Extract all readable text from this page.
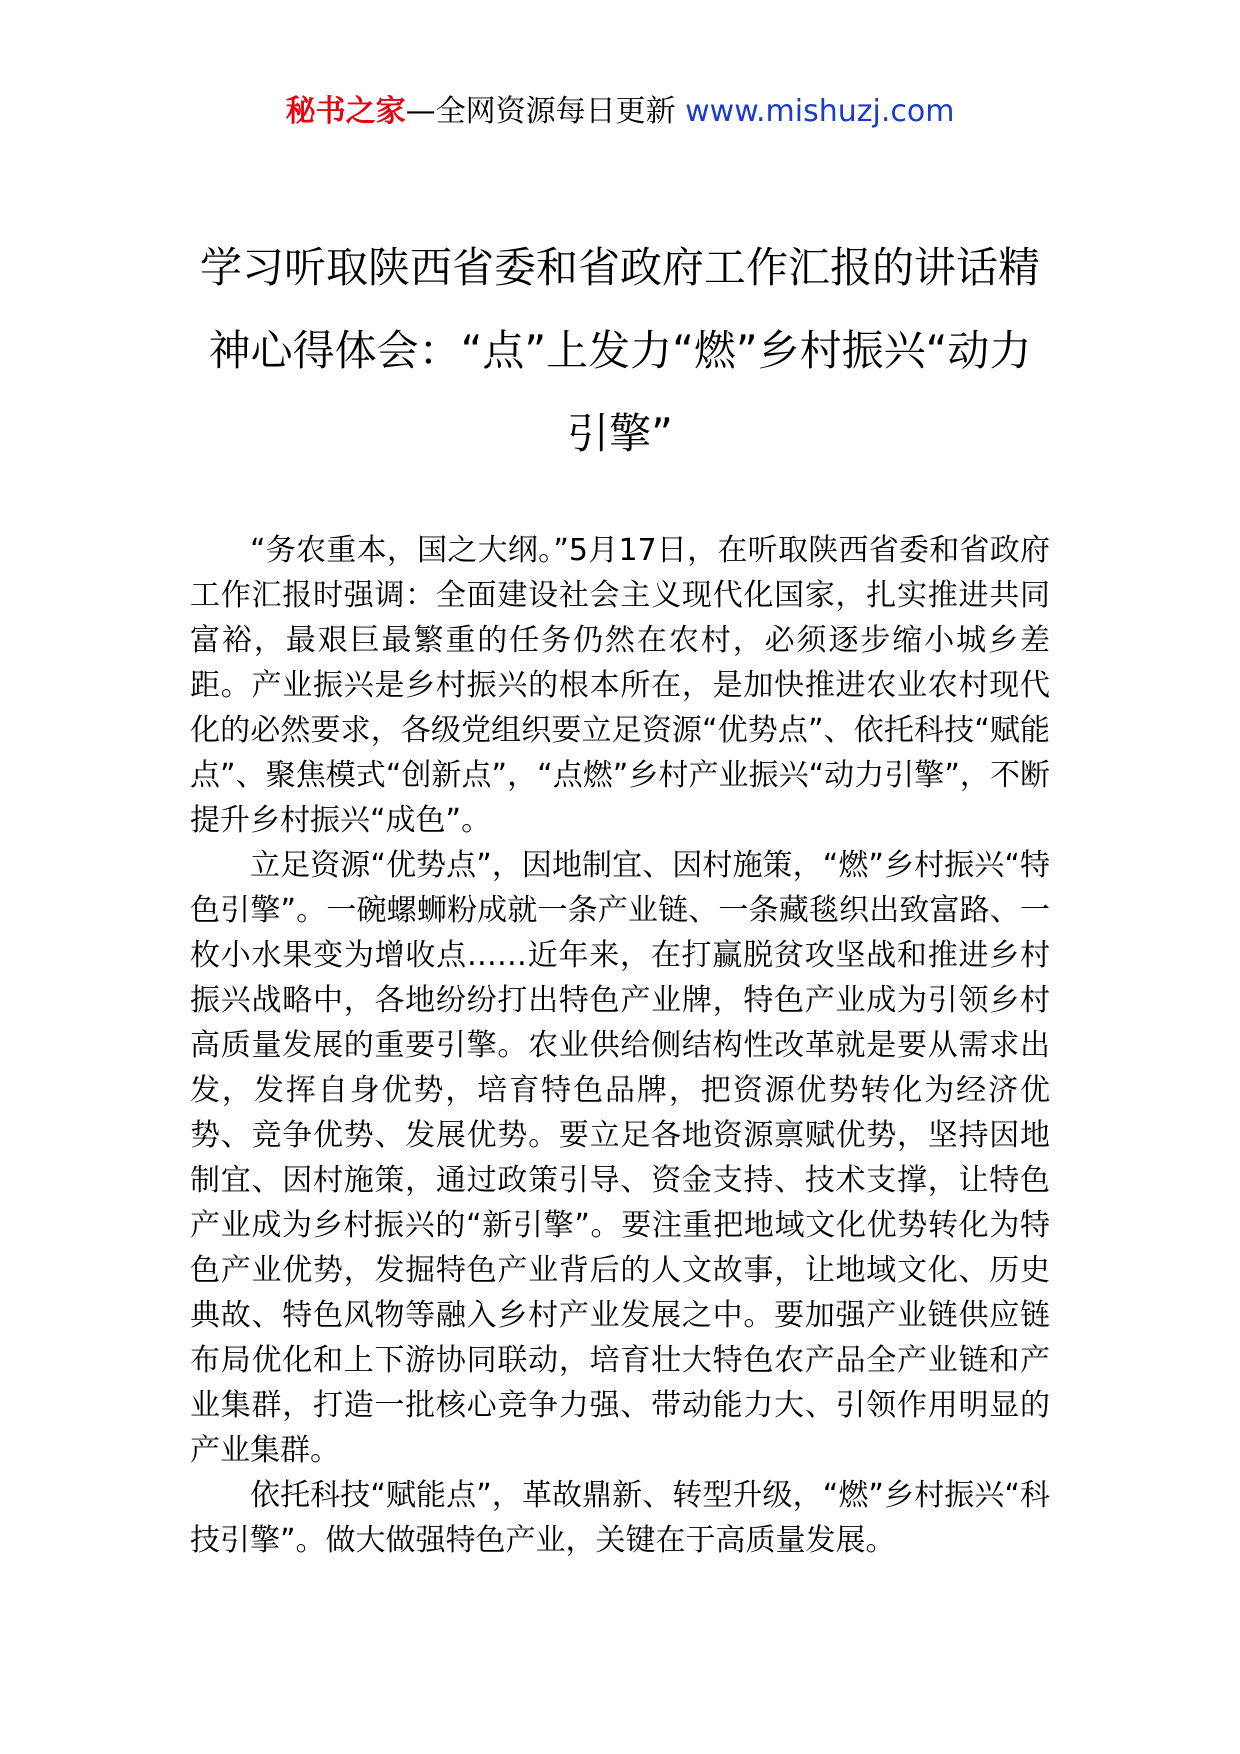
秘书之家—全网资源每日更新 www.mishuzj.com
学习听取陕西省委和省政府工作汇报的讲话精神心得体会：“点”上发力“燃”乡村振兴“动力引擎”

“务农重本，国之大纲。”5月17日，在听取陕西省委和省政府工作汇报时强调：全面建设社会主义现代化国家，扎实推进共同富裕，最艰巨最繁重的任务仍然在农村，必须逐步缩小城乡差距。产业振兴是乡村振兴的根本所在，是加快推进农业农村现代化的必然要求，各级党组织要立足资源“优势点”、依托科技“赋能点”、聚焦模式“创新点”，“点燃”乡村产业振兴“动力引擎”，不断提升乡村振兴“成色”。

立足资源“优势点”，因地制宜、因村施策，“燃”乡村振兴“特色引擎”。一碗螺蛳粉成就一条产业链、一条藏毯织出致富路、一枚小水果变为增收点……近年来，在打赢脱贫攻坚战和推进乡村振兴战略中，各地纷纷打出特色产业牌，特色产业成为引领乡村高质量发展的重要引擎。农业供给侧结构性改革就是要从需求出发，发挥自身优势，培育特色品牌，把资源优势转化为经济优势、竞争优势、发展优势。要立足各地资源禀赋优势，坚持因地制宜、因村施策，通过政策引导、资金支持、技术支撑，让特色产业成为乡村振兴的“新引擎”。要注重把地域文化优势转化为特色产业优势，发掘特色产业背后的人文故事，让地域文化、历史典故、特色风物等融入乡村产业发展之中。要加强产业链供应链布局优化和上下游协同联动，培育壮大特色农产品全产业链和产业集群，打造一批核心竞争力强、带动能力大、引领作用明显的产业集群。

依托科技“赋能点”，革故鼎新、转型升级，“燃”乡村振兴“科技引擎”。做大做强特色产业，关键在于高质量发展。
